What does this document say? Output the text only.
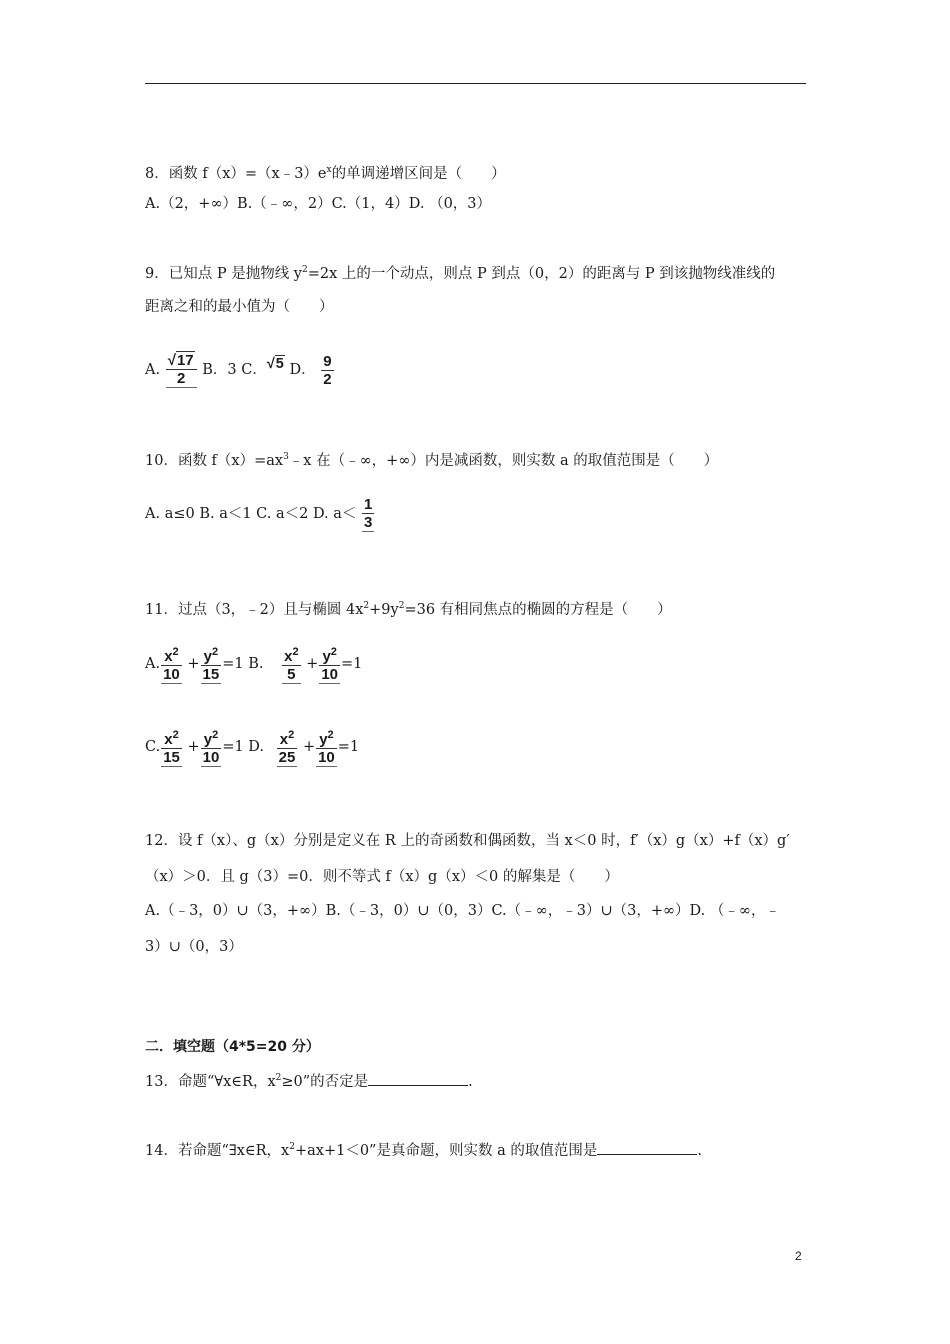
8．函数 $f(x)=(x﹣3)e^x$的单调递增区间是（　　）
A.（2，+∞）B.（﹣∞，2）C.（1，4）D. （0，3）
9．已知点 P 是抛物线 $y^2=2x$ 上的一个动点，则点 P 到点（0，2）的距离与 P 到该抛物线准线的
距离之和的最小值为（　　）
A. $\frac{√17}{2}$ B．3 C．√5 D． $\frac{9}{2}$
10．函数 $f(x)=ax^3﹣x$ 在（﹣∞，+∞）内是减函数，则实数 a 的取值范围是（　　）
A. a≤0 B. a＜1 C. a＜2 D. $a< \frac{1}{3}$
11．过点（3，﹣2）且与椭圆 $4x^2+9y^2=36$ 有相同焦点的椭圆的方程是（　　）
A. $\frac{x^2}{10} + \frac{y^2}{15} =1$ B. $\frac{x^2}{5} + \frac{y^2}{10} =1$
C. $\frac{x^2}{15} + \frac{y^2}{10} =1$ D. $\frac{x^2}{25} + \frac{y^2}{10} =1$
12．设 f（x）、g（x）分别是定义在 R 上的奇函数和偶函数，当 x＜0 时，f′（x）g（x）+f（x）g′
（x）＞0．且 g（3）=0．则不等式 f（x）g（x）＜0 的解集是（　　）
A.（﹣3，0）∪（3，+∞）B.（﹣3，0）∪（0，3）C.（﹣∞，﹣3）∪（3，+∞）D. （﹣∞，﹣
3）∪（0，3）
二．填空题（4*5=20 分）
13．命题“∀x∈R，$x^2\ge 0$”的否定是	.
14．若命题“∃x∈R，$x^2+ax+1<0$”是真命题，则实数 a 的取值范围是	.
2
